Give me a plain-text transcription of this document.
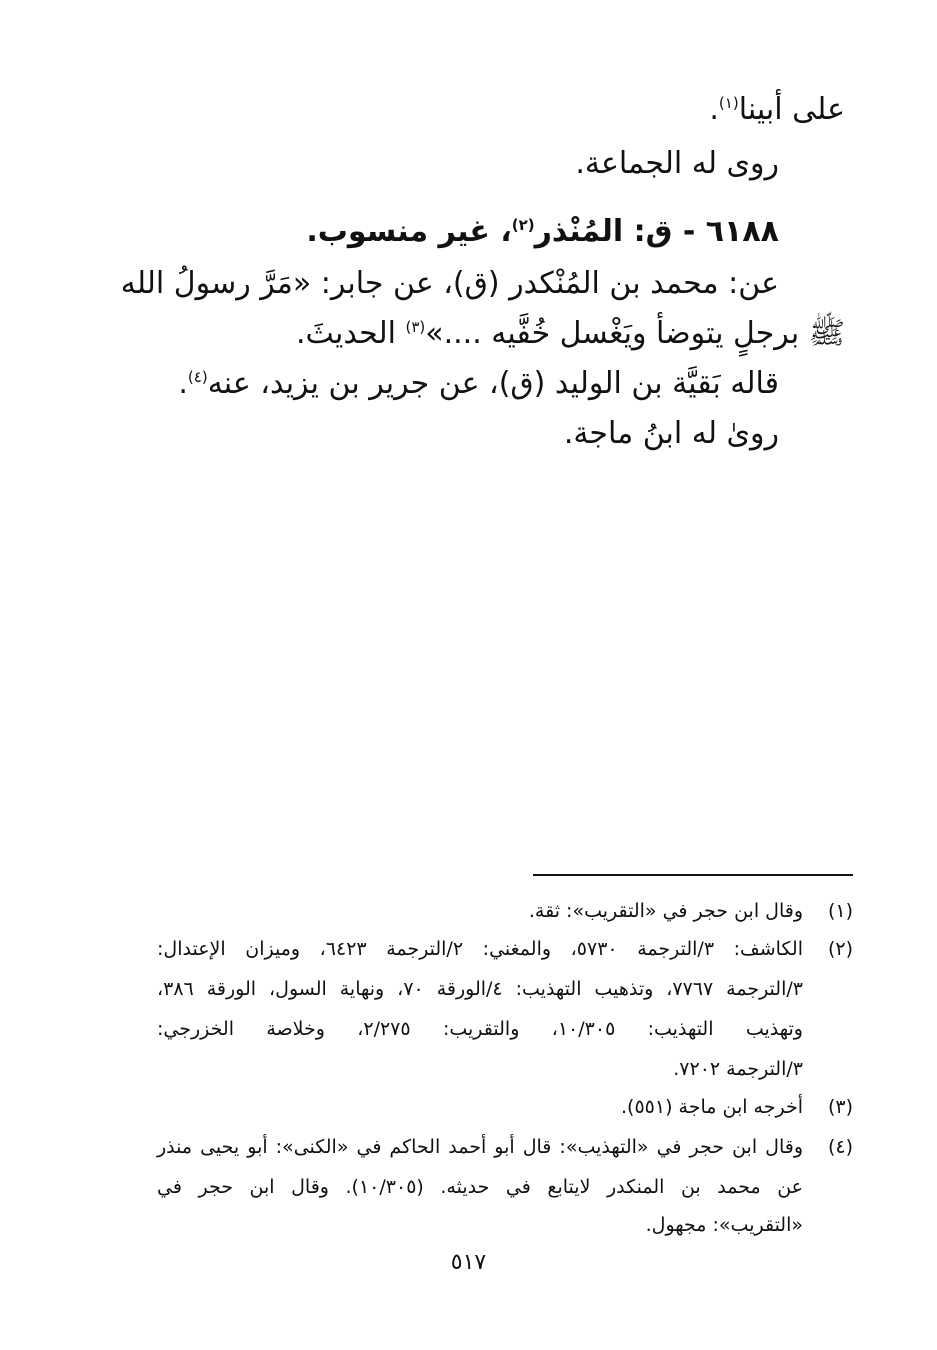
على أبينا$^{(١)}$.
روى له الجماعة.
٦١٨٨ - ق: المُنْذر$^{(٢)}$، غير منسوب.
عن: محمد بن المُنْكدر (ق)، عن جابر: «مَرَّ رسولُ الله
ﷺ برجلٍ يتوضأ ويَغْسل خُفَّيه ....»$^{(٣)}$ الحديثَ.
قاله بَقيَّة بن الوليد (ق)، عن جرير بن يزيد، عنه$^{(٤)}$.
روىٰ له ابنُ ماجة.
(١)
وقال ابن حجر في «التقريب»: ثقة.
(٢)
الكاشف: ٣/الترجمة ٥٧٣٠، والمغني: ٢/الترجمة ٦٤٢٣، وميزان الإعتدال:
٣/الترجمة ٧٧٦٧، وتذهيب التهذيب: ٤/الورقة ٧٠، ونهاية السول، الورقة ٣٨٦،
وتهذيب التهذيب: ١٠/٣٠٥، والتقريب: ٢/٢٧٥، وخلاصة الخزرجي:
٣/الترجمة ٧٢٠٢.
(٣)
أخرجه ابن ماجة (٥٥١).
(٤)
وقال ابن حجر في «التهذيب»: قال أبو أحمد الحاكم في «الكنى»: أبو يحيى منذر
عن محمد بن المنكدر لايتابع في حديثه. (١٠/٣٠٥). وقال ابن حجر في
«التقريب»: مجهول.
٥١٧
